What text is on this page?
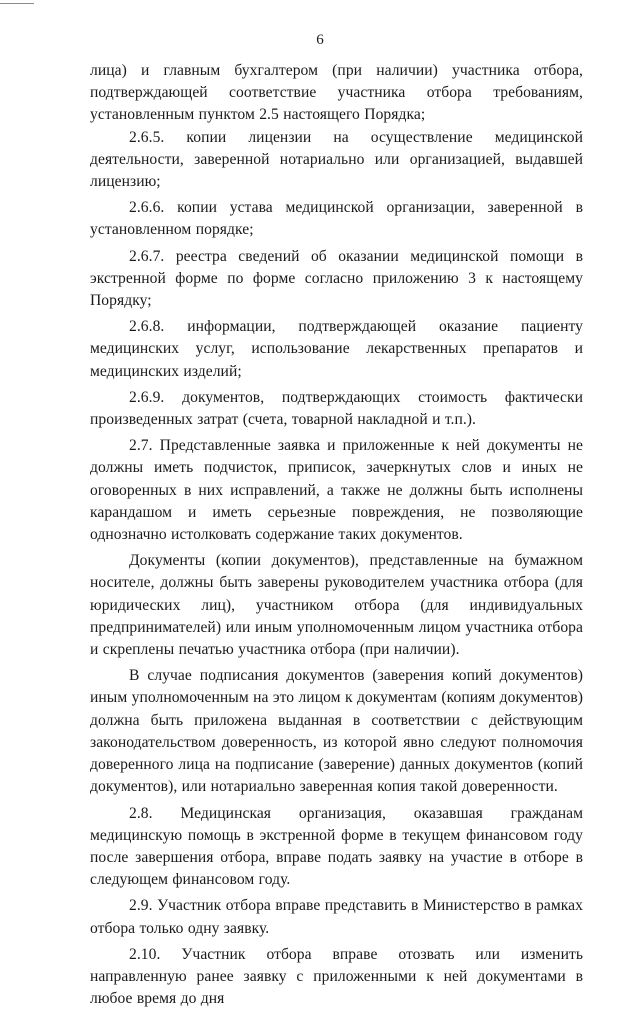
6

лица) и главным бухгалтером (при наличии) участника отбора, подтверждающей соответствие участника отбора требованиям, установленным пунктом 2.5 настоящего Порядка;

2.6.5. копии лицензии на осуществление медицинской деятельности, заверенной нотариально или организацией, выдавшей лицензию;

2.6.6. копии устава медицинской организации, заверенной в установленном порядке;

2.6.7. реестра сведений об оказании медицинской помощи в экстренной форме по форме согласно приложению 3 к настоящему Порядку;

2.6.8. информации, подтверждающей оказание пациенту медицинских услуг, использование лекарственных препаратов и медицинских изделий;

2.6.9. документов, подтверждающих стоимость фактически произведенных затрат (счета, товарной накладной и т.п.).

2.7. Представленные заявка и приложенные к ней документы не должны иметь подчисток, приписок, зачеркнутых слов и иных не оговоренных в них исправлений, а также не должны быть исполнены карандашом и иметь серьезные повреждения, не позволяющие однозначно истолковать содержание таких документов.

Документы (копии документов), представленные на бумажном носителе, должны быть заверены руководителем участника отбора (для юридических лиц), участником отбора (для индивидуальных предпринимателей) или иным уполномоченным лицом участника отбора и скреплены печатью участника отбора (при наличии).

В случае подписания документов (заверения копий документов) иным уполномоченным на это лицом к документам (копиям документов) должна быть приложена выданная в соответствии с действующим законодательством доверенность, из которой явно следуют полномочия доверенного лица на подписание (заверение) данных документов (копий документов), или нотариально заверенная копия такой доверенности.

2.8. Медицинская организация, оказавшая гражданам медицинскую помощь в экстренной форме в текущем финансовом году после завершения отбора, вправе подать заявку на участие в отборе в следующем финансовом году.

2.9. Участник отбора вправе представить в Министерство в рамках отбора только одну заявку.

2.10. Участник отбора вправе отозвать или изменить направленную ранее заявку с приложенными к ней документами в любое время до дня
